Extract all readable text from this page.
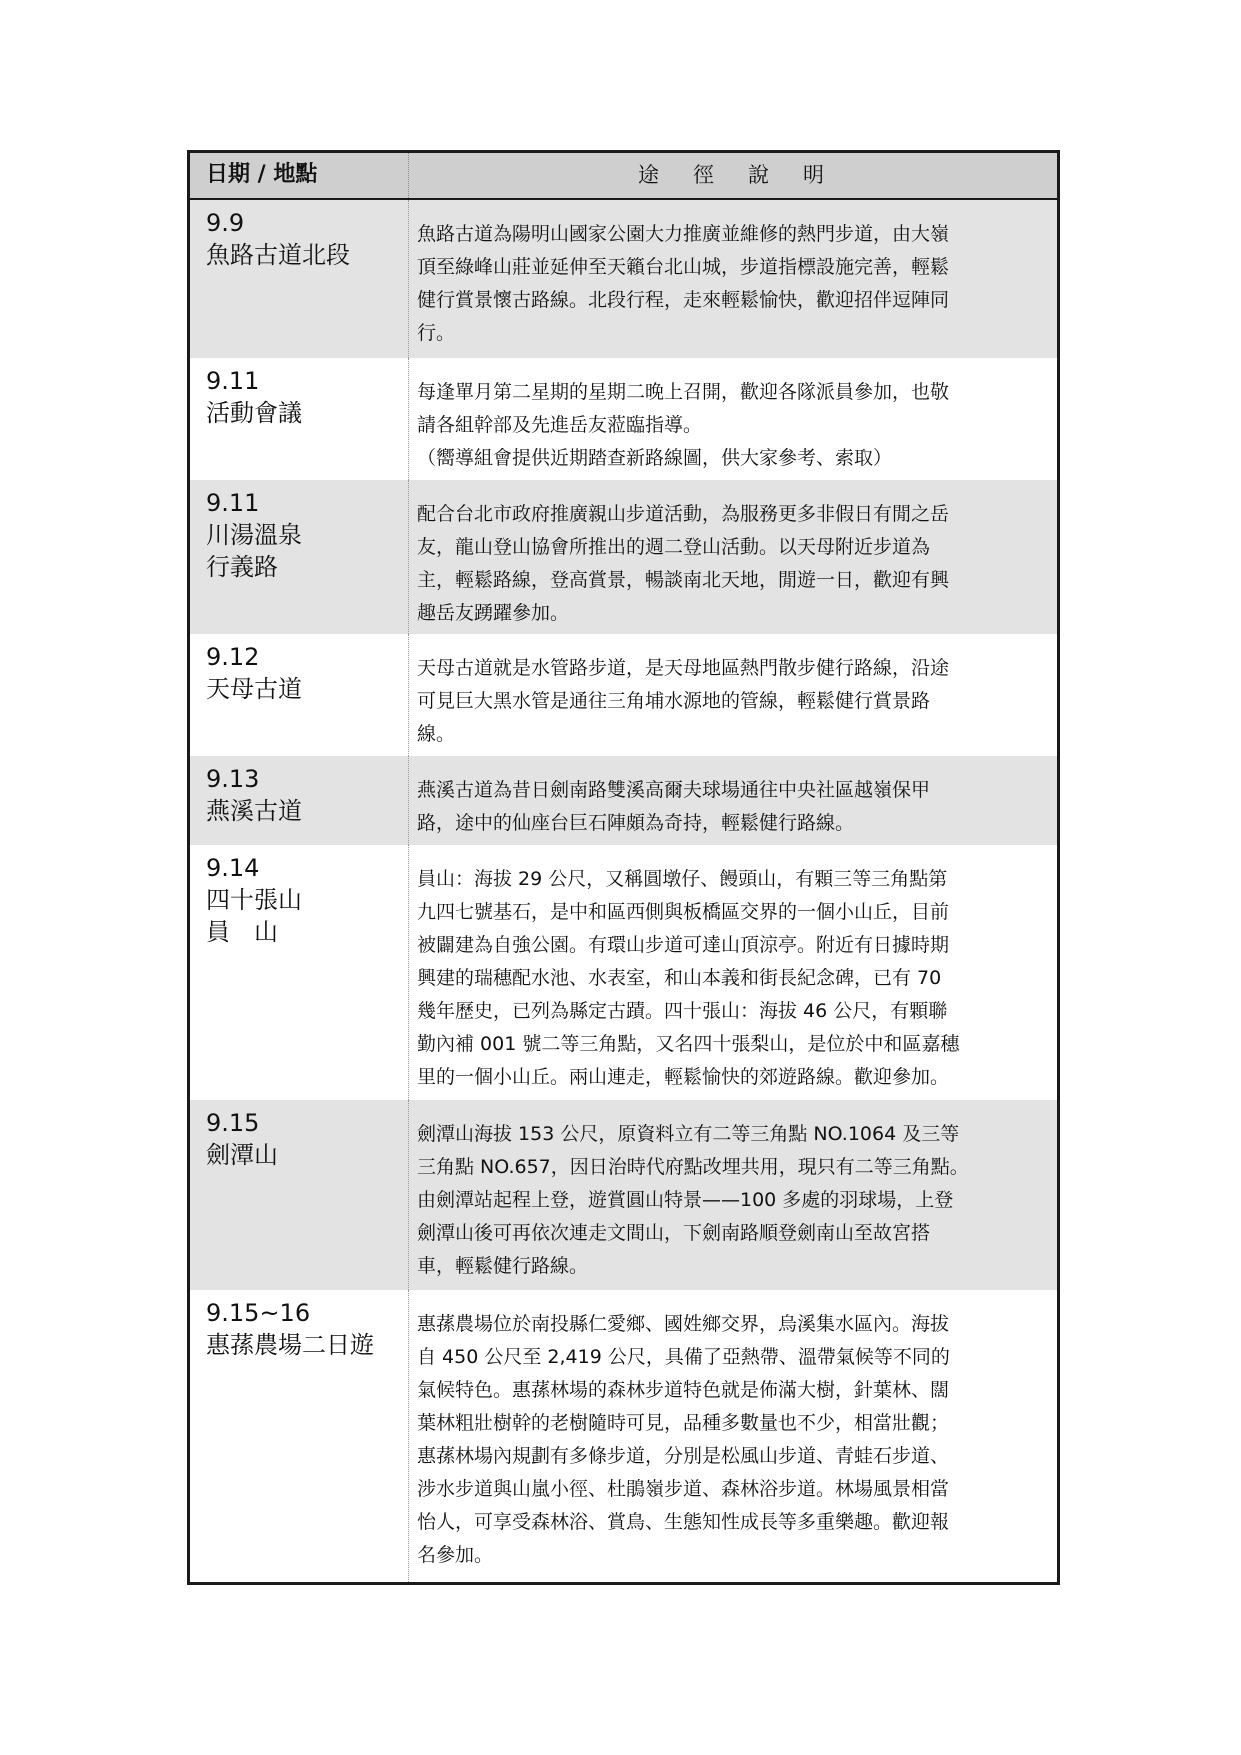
日期 / 地點	途徑說明
9.9
魚路古道北段
魚路古道為陽明山國家公園大力推廣並維修的熱門步道，由大嶺
頂至綠峰山莊並延伸至天籟台北山城，步道指標設施完善，輕鬆
健行賞景懷古路線。北段行程，走來輕鬆愉快，歡迎招伴逗陣同
行。
9.11
活動會議
每逢單月第二星期的星期二晚上召開，歡迎各隊派員參加，也敬
請各組幹部及先進岳友蒞臨指導。
（嚮導組會提供近期踏查新路線圖，供大家參考、索取）
9.11
川湯溫泉
行義路
配合台北市政府推廣親山步道活動，為服務更多非假日有閒之岳
友，龍山登山協會所推出的週二登山活動。以天母附近步道為
主，輕鬆路線，登高賞景，暢談南北天地，閒遊一日，歡迎有興
趣岳友踴躍參加。
9.12
天母古道
天母古道就是水管路步道，是天母地區熱門散步健行路線，沿途
可見巨大黑水管是通往三角埔水源地的管線，輕鬆健行賞景路
線。
9.13
燕溪古道
燕溪古道為昔日劍南路雙溪高爾夫球場通往中央社區越嶺保甲
路，途中的仙座台巨石陣頗為奇持，輕鬆健行路線。
9.14
四十張山
員　山
員山：海拔 29 公尺，又稱圓墩仔、饅頭山，有顆三等三角點第
九四七號基石，是中和區西側與板橋區交界的一個小山丘，目前
被闢建為自強公園。有環山步道可達山頂涼亭。附近有日據時期
興建的瑞穗配水池、水表室，和山本義和街長紀念碑，已有 70
幾年歷史，已列為縣定古蹟。四十張山：海拔 46 公尺，有顆聯
勤內補 001 號二等三角點，又名四十張梨山，是位於中和區嘉穗
里的一個小山丘。兩山連走，輕鬆愉快的郊遊路線。歡迎參加。
9.15
劍潭山
劍潭山海拔 153 公尺，原資料立有二等三角點 NO.1064 及三等
三角點 NO.657，因日治時代府點改埋共用，現只有二等三角點。
由劍潭站起程上登，遊賞圓山特景——100 多處的羽球場，上登
劍潭山後可再依次連走文間山，下劍南路順登劍南山至故宮搭
車，輕鬆健行路線。
9.15~16
惠蓀農場二日遊
惠蓀農場位於南投縣仁愛鄉、國姓鄉交界，烏溪集水區內。海拔
自 450 公尺至 2,419 公尺，具備了亞熱帶、溫帶氣候等不同的
氣候特色。惠蓀林場的森林步道特色就是佈滿大樹，針葉林、闊
葉林粗壯樹幹的老樹隨時可見，品種多數量也不少，相當壯觀；
惠蓀林場內規劃有多條步道，分別是松風山步道、青蛙石步道、
涉水步道與山嵐小徑、杜鵑嶺步道、森林浴步道。林場風景相當
怡人，可享受森林浴、賞鳥、生態知性成長等多重樂趣。歡迎報
名參加。
